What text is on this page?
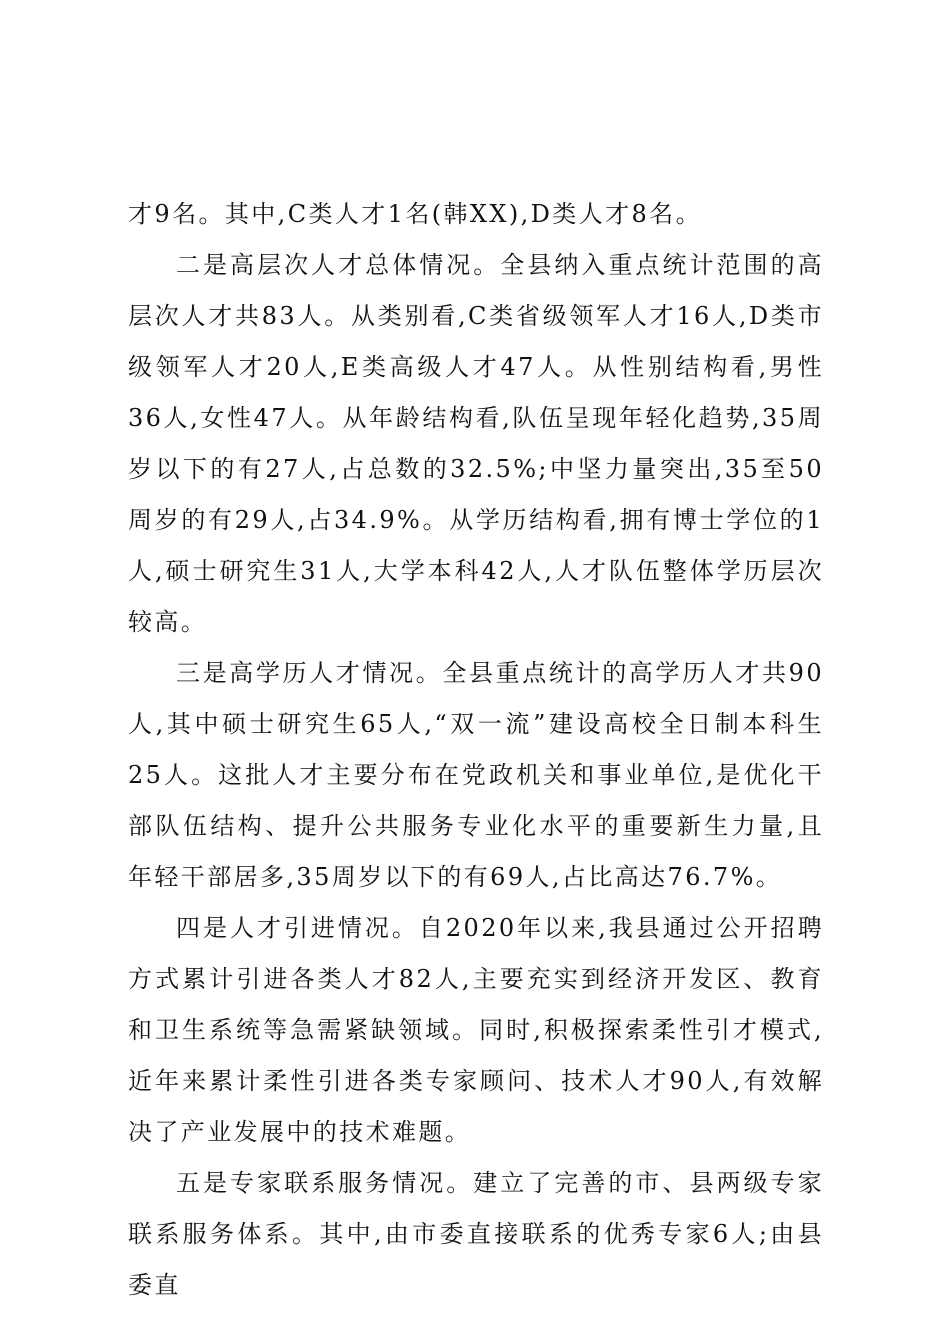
才9名。其中,C类人才1名(韩XX),D类人才8名。

二是高层次人才总体情况。全县纳入重点统计范围的高层次人才共83人。从类别看,C类省级领军人才16人,D类市级领军人才20人,E类高级人才47人。从性别结构看,男性36人,女性47人。从年龄结构看,队伍呈现年轻化趋势,35周岁以下的有27人,占总数的32.5%;中坚力量突出,35至50周岁的有29人,占34.9%。从学历结构看,拥有博士学位的1人,硕士研究生31人,大学本科42人,人才队伍整体学历层次较高。

三是高学历人才情况。全县重点统计的高学历人才共90人,其中硕士研究生65人,“双一流”建设高校全日制本科生25人。这批人才主要分布在党政机关和事业单位,是优化干部队伍结构、提升公共服务专业化水平的重要新生力量,且年轻干部居多,35周岁以下的有69人,占比高达76.7%。

四是人才引进情况。自2020年以来,我县通过公开招聘方式累计引进各类人才82人,主要充实到经济开发区、教育和卫生系统等急需紧缺领域。同时,积极探索柔性引才模式,近年来累计柔性引进各类专家顾问、技术人才90人,有效解决了产业发展中的技术难题。

五是专家联系服务情况。建立了完善的市、县两级专家联系服务体系。其中,由市委直接联系的优秀专家6人;由县委直
